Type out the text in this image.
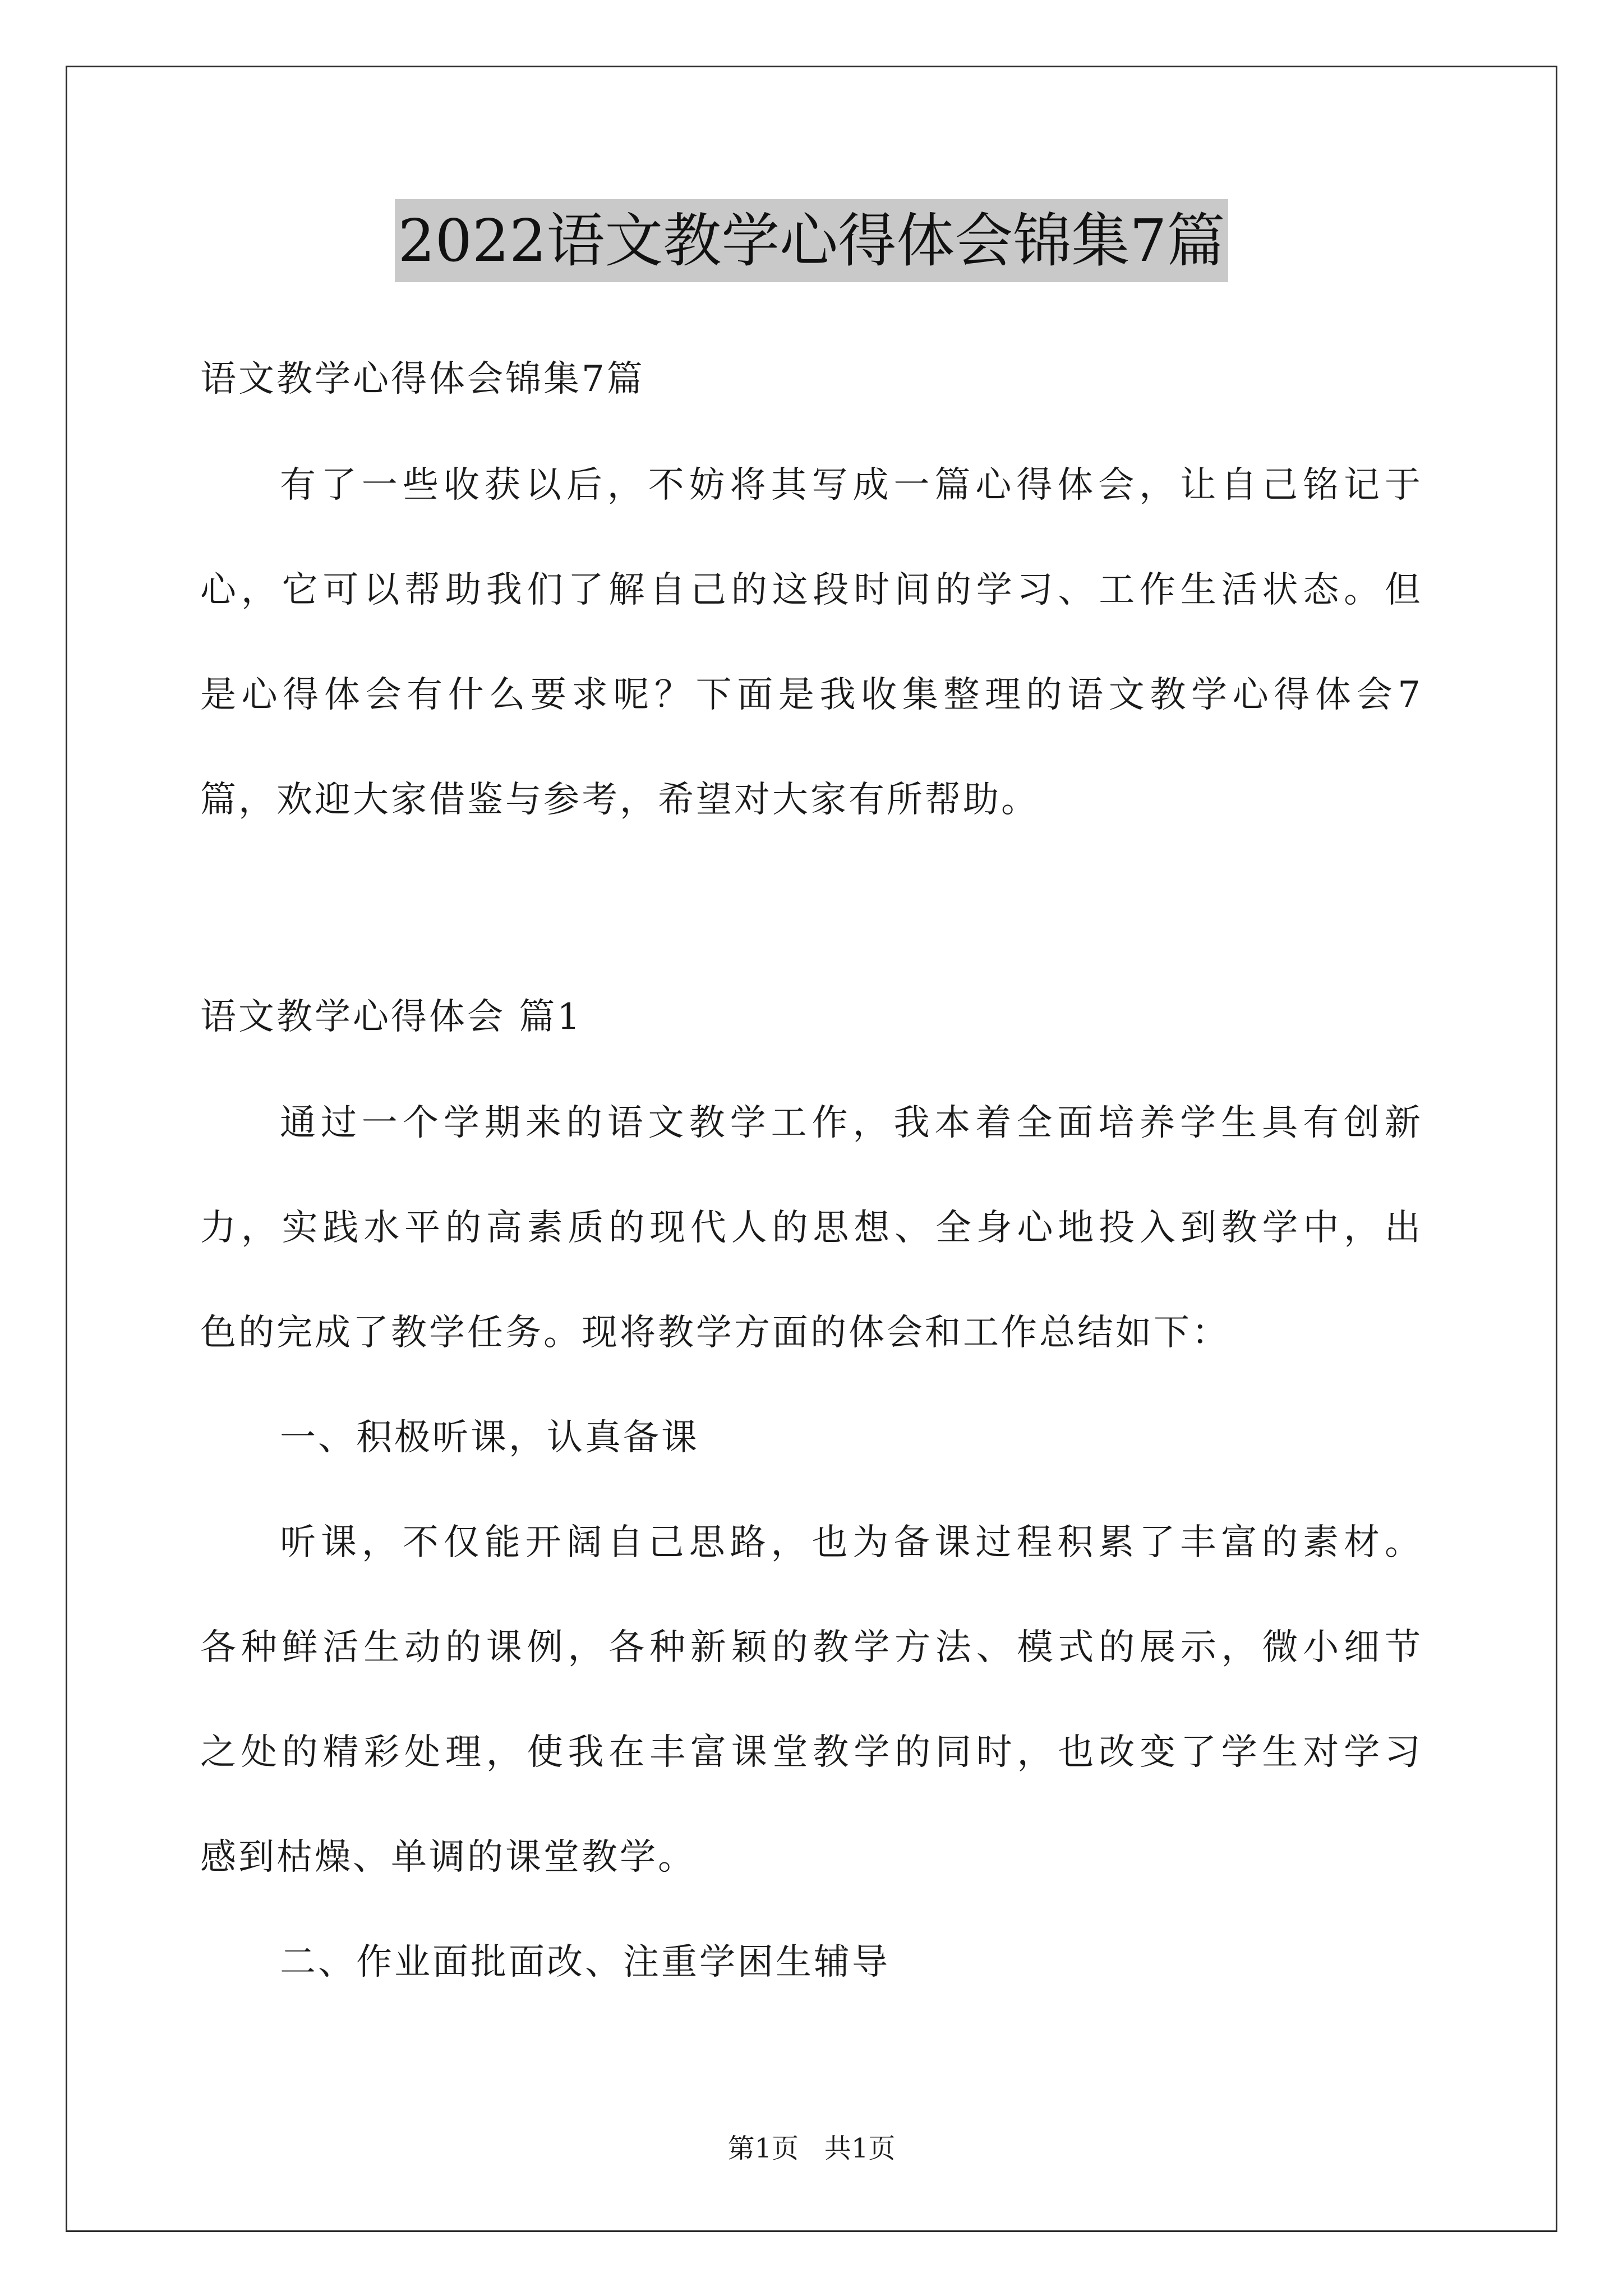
2022语文教学心得体会锦集7篇
语文教学心得体会锦集7篇
有了一些收获以后，不妨将其写成一篇心得体会，让自己铭记于
心，它可以帮助我们了解自己的这段时间的学习、工作生活状态。但
是心得体会有什么要求呢？下面是我收集整理的语文教学心得体会7
篇，欢迎大家借鉴与参考，希望对大家有所帮助。
语文教学心得体会 篇1
通过一个学期来的语文教学工作，我本着全面培养学生具有创新
力，实践水平的高素质的现代人的思想、全身心地投入到教学中，出
色的完成了教学任务。现将教学方面的体会和工作总结如下：
一、积极听课，认真备课
听课，不仅能开阔自己思路，也为备课过程积累了丰富的素材。
各种鲜活生动的课例，各种新颖的教学方法、模式的展示，微小细节
之处的精彩处理，使我在丰富课堂教学的同时，也改变了学生对学习
感到枯燥、单调的课堂教学。
二、作业面批面改、注重学困生辅导
第1页   共1页
